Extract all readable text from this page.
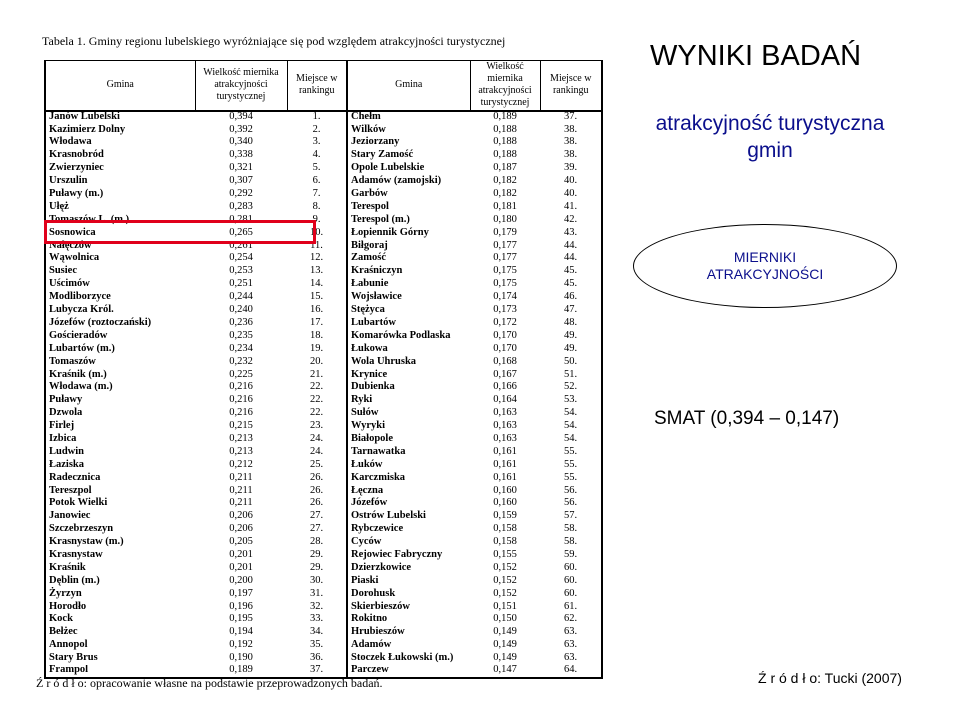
Tabela 1. Gminy regionu lubelskiego wyróżniające się pod względem atrakcyjności turystycznej
Gmina	Wielkość miernika atrakcyjności turystycznej	Miejsce w rankingu	Gmina	Wielkość miernika atrakcyjności turystycznej	Miejsce w rankingu
Janów Lubelski	0,394	1.	Chełm	0,189	37.
Kazimierz Dolny	0,392	2.	Wilków	0,188	38.
Włodawa	0,340	3.	Jeziorzany	0,188	38.
Krasnobród	0,338	4.	Stary Zamość	0,188	38.
Zwierzyniec	0,321	5.	Opole Lubelskie	0,187	39.
Urszulin	0,307	6.	Adamów (zamojski)	0,182	40.
Puławy (m.)	0,292	7.	Garbów	0,182	40.
Ułęż	0,283	8.	Terespol	0,181	41.
Tomaszów L. (m.)	0,281	9.	Terespol (m.)	0,180	42.
Sosnowica	0,265	10.	Łopiennik Górny	0,179	43.
Nałęczów	0,261	11.	Biłgoraj	0,177	44.
Wąwolnica	0,254	12.	Zamość	0,177	44.
Susiec	0,253	13.	Kraśniczyn	0,175	45.
Uścimów	0,251	14.	Łabunie	0,175	45.
Modliborzyce	0,244	15.	Wojsławice	0,174	46.
Lubycza Król.	0,240	16.	Stężyca	0,173	47.
Józefów (roztoczański)	0,236	17.	Lubartów	0,172	48.
Gościeradów	0,235	18.	Komarówka Podlaska	0,170	49.
Lubartów (m.)	0,234	19.	Łukowa	0,170	49.
Tomaszów	0,232	20.	Wola Uhruska	0,168	50.
Kraśnik (m.)	0,225	21.	Krynice	0,167	51.
Włodawa (m.)	0,216	22.	Dubienka	0,166	52.
Puławy	0,216	22.	Ryki	0,164	53.
Dzwola	0,216	22.	Sułów	0,163	54.
Firlej	0,215	23.	Wyryki	0,163	54.
Izbica	0,213	24.	Białopole	0,163	54.
Ludwin	0,213	24.	Tarnawatka	0,161	55.
Łaziska	0,212	25.	Łuków	0,161	55.
Radecznica	0,211	26.	Karczmiska	0,161	55.
Tereszpol	0,211	26.	Łęczna	0,160	56.
Potok Wielki	0,211	26.	Józefów	0,160	56.
Janowiec	0,206	27.	Ostrów Lubelski	0,159	57.
Szczebrzeszyn	0,206	27.	Rybczewice	0,158	58.
Krasnystaw (m.)	0,205	28.	Cyców	0,158	58.
Krasnystaw	0,201	29.	Rejowiec Fabryczny	0,155	59.
Kraśnik	0,201	29.	Dzierzkowice	0,152	60.
Dęblin (m.)	0,200	30.	Piaski	0,152	60.
Żyrzyn	0,197	31.	Dorohusk	0,152	60.
Horodło	0,196	32.	Skierbieszów	0,151	61.
Kock	0,195	33.	Rokitno	0,150	62.
Bełżec	0,194	34.	Hrubieszów	0,149	63.
Annopol	0,192	35.	Adamów	0,149	63.
Stary Brus	0,190	36.	Stoczek Łukowski (m.)	0,149	63.
Frampol	0,189	37.	Parczew	0,147	64.
Ź r ó d ł o: opracowanie własne na podstawie przeprowadzonych badań.
WYNIKI BADAŃ
atrakcyjność turystyczna
gmin
MIERNIKI
ATRAKCYJNOŚCI
SMAT (0,394 – 0,147)
Ź r ó d ł o: Tucki (2007)
